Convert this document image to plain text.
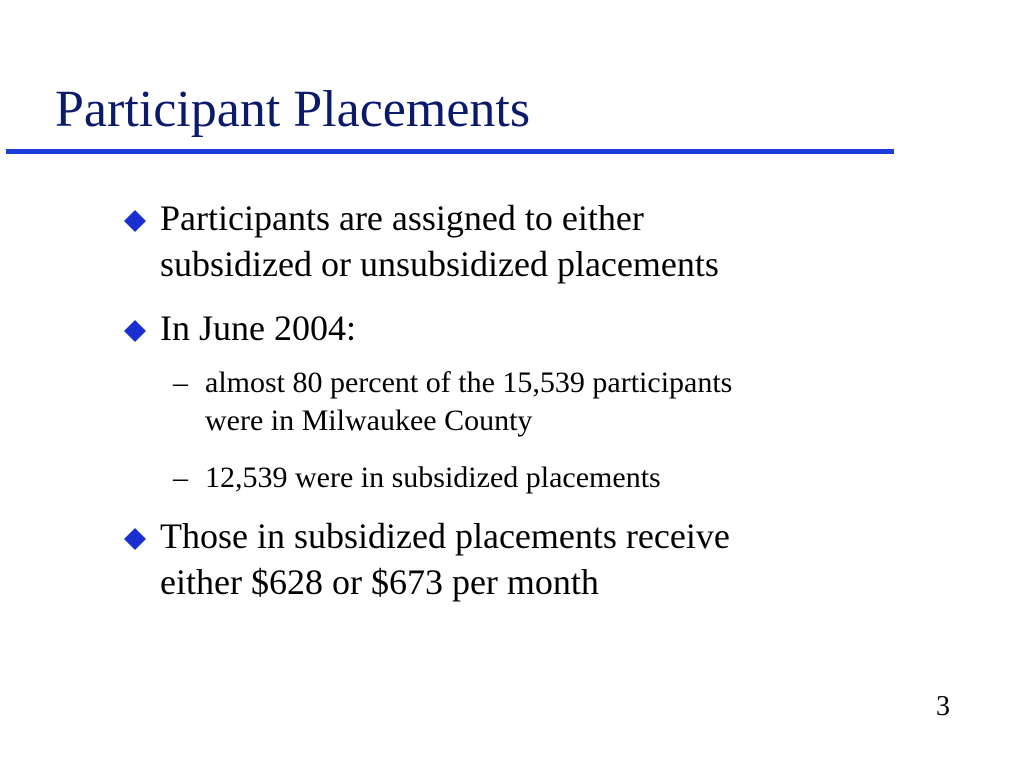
Participant Placements
Participants are assigned to either
subsidized or unsubsidized placements
In June 2004:
– almost 80 percent of the 15,539 participants
were in Milwaukee County
– 12,539 were in subsidized placements
Those in subsidized placements receive
either $628 or $673 per month
3
